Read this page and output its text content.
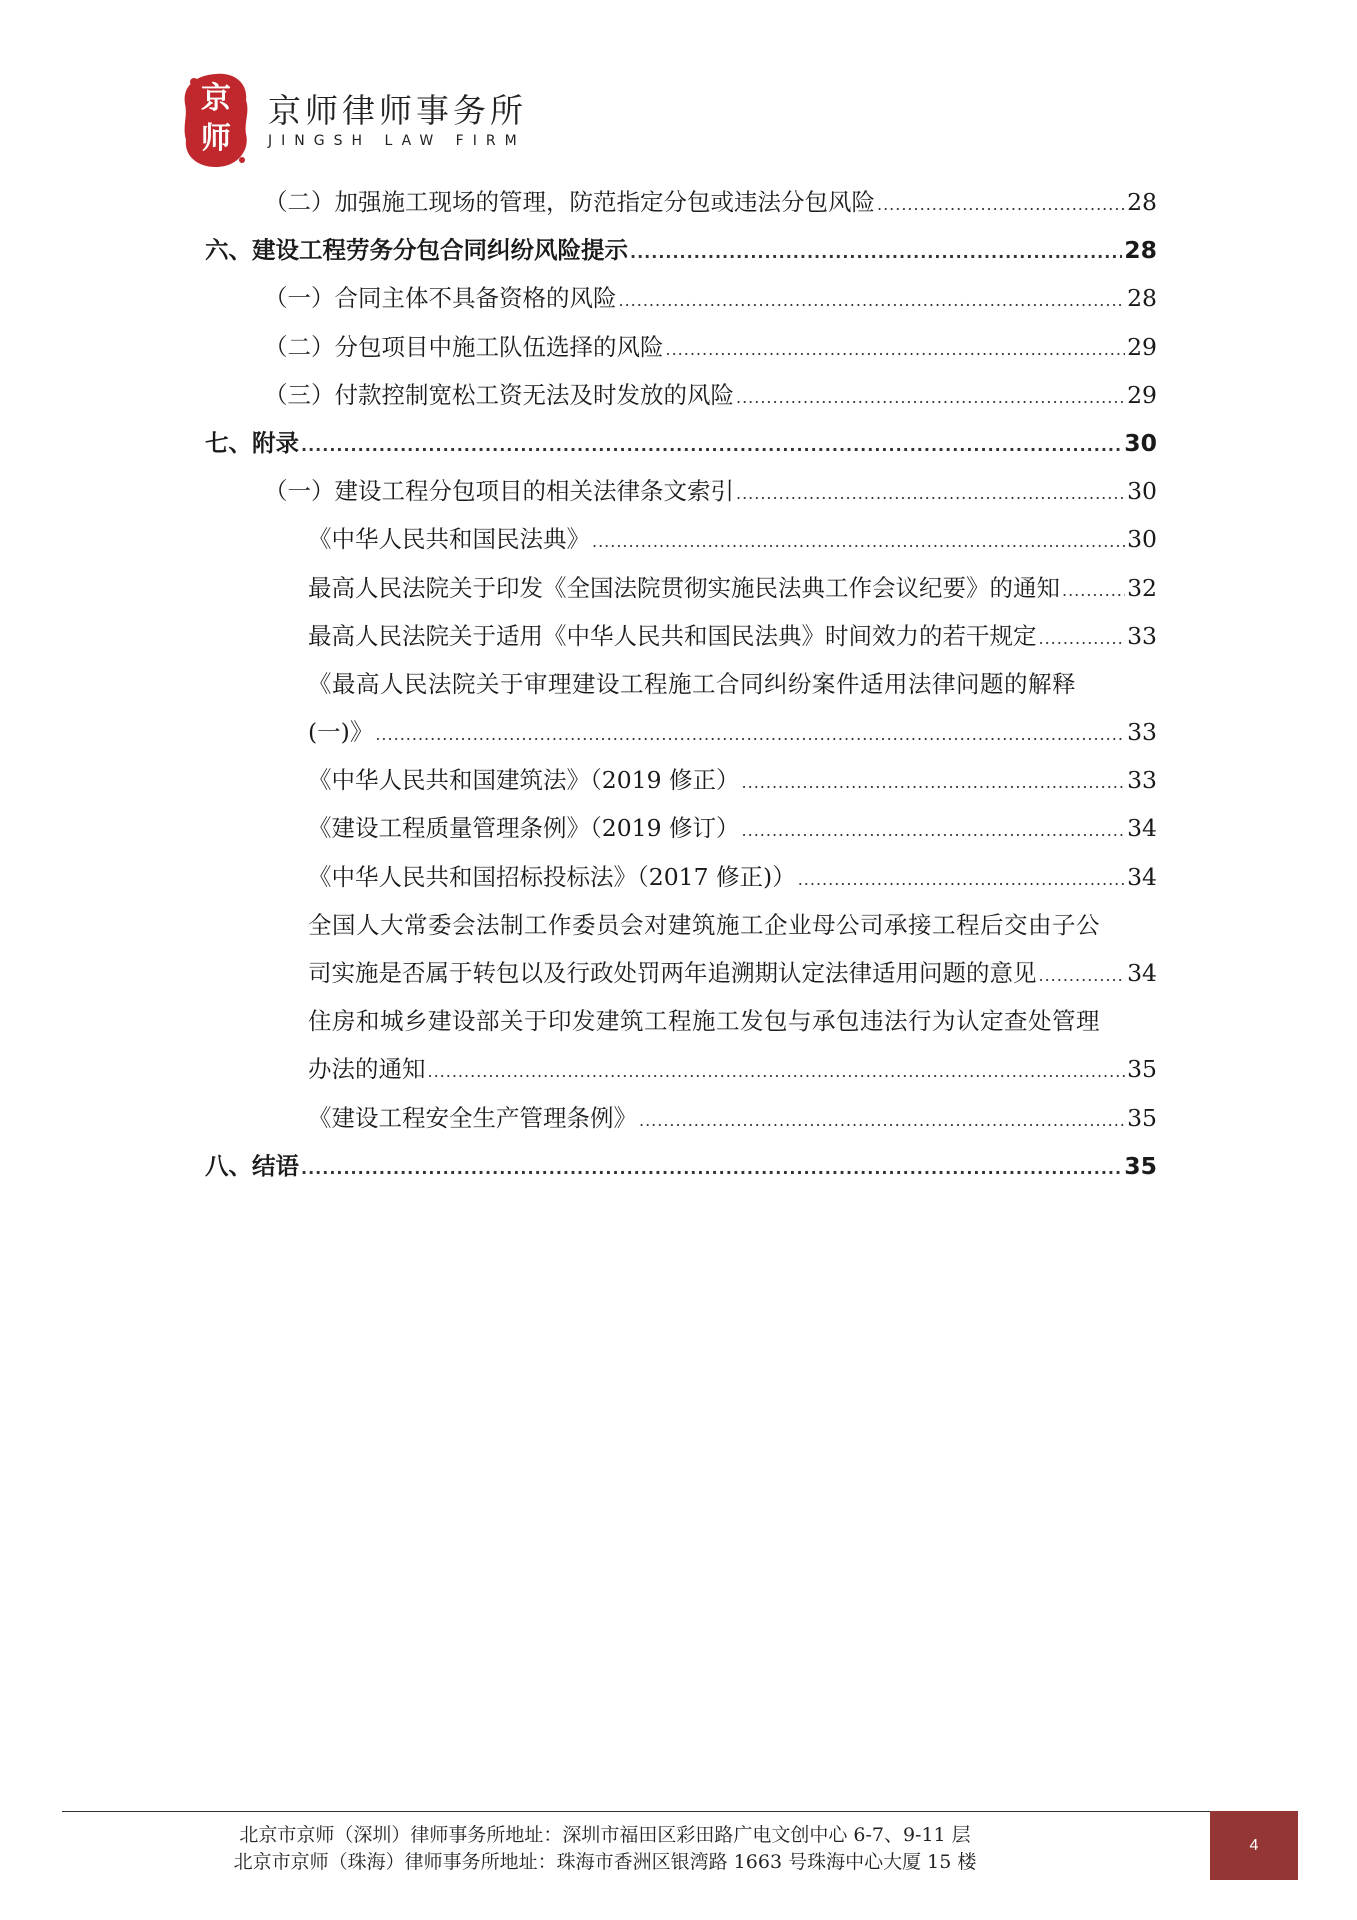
京
师
京师律师事务所
JINGSH LAW FIRM
（二）加强施工现场的管理，防范指定分包或违法分包风险 .....	28
六、建设工程劳务分包合同纠纷风险提示 .....	28
（一）合同主体不具备资格的风险 .....	28
（二）分包项目中施工队伍选择的风险 .....	29
（三）付款控制宽松工资无法及时发放的风险 .....	29
七、附录 .....	30
（一）建设工程分包项目的相关法律条文索引 .....	30
《中华人民共和国民法典》 .....	30
最高人民法院关于印发《全国法院贯彻实施民法典工作会议纪要》的通知 .....	32
最高人民法院关于适用《中华人民共和国民法典》时间效力的若干规定 .....	33
《最高人民法院关于审理建设工程施工合同纠纷案件适用法律问题的解释
(一)》 .....	33
《中华人民共和国建筑法》（2019 修正） .....	33
《建设工程质量管理条例》（2019 修订） .....	34
《中华人民共和国招标投标法》（2017 修正)） .....	34
全国人大常委会法制工作委员会对建筑施工企业母公司承接工程后交由子公
司实施是否属于转包以及行政处罚两年追溯期认定法律适用问题的意见 .....	34
住房和城乡建设部关于印发建筑工程施工发包与承包违法行为认定查处管理
办法的通知 .....	35
《建设工程安全生产管理条例》 .....	35
八、结语 .....	35
北京市京师（深圳）律师事务所地址：深圳市福田区彩田路广电文创中心 6-7、9-11 层
北京市京师（珠海）律师事务所地址：珠海市香洲区银湾路 1663 号珠海中心大厦 15 楼
4
